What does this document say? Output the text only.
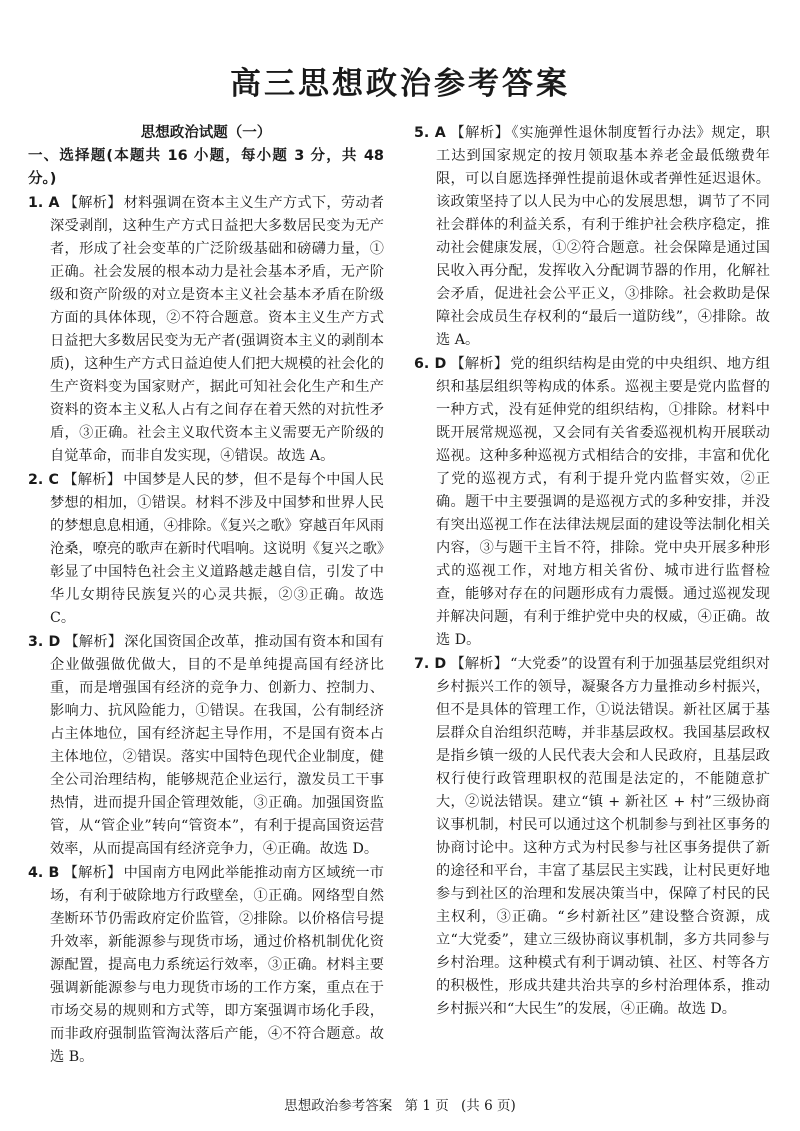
高三思想政治参考答案

思想政治试题（一）

一、选择题(本题共 16 小题，每小题 3 分，共 48 分。)

1. A 【解析】 材料强调在资本主义生产方式下，劳动者深受剥削，这种生产方式日益把大多数居民变为无产者，形成了社会变革的广泛阶级基础和磅礴力量，①正确。社会发展的根本动力是社会基本矛盾，无产阶级和资产阶级的对立是资本主义社会基本矛盾在阶级方面的具体体现，②不符合题意。资本主义生产方式日益把大多数居民变为无产者(强调资本主义的剥削本质)，这种生产方式日益迫使人们把大规模的社会化的生产资料变为国家财产，据此可知社会化生产和生产资料的资本主义私人占有之间存在着天然的对抗性矛盾，③正确。社会主义取代资本主义需要无产阶级的自觉革命，而非自发实现，④错误。故选 A。

2. C 【解析】 中国梦是人民的梦，但不是每个中国人民梦想的相加，①错误。材料不涉及中国梦和世界人民的梦想息息相通，④排除。《复兴之歌》穿越百年风雨沧桑，嘹亮的歌声在新时代唱响。这说明《复兴之歌》彰显了中国特色社会主义道路越走越自信，引发了中华儿女期待民族复兴的心灵共振，②③正确。故选 C。

3. D 【解析】 深化国资国企改革，推动国有资本和国有企业做强做优做大，目的不是单纯提高国有经济比重，而是增强国有经济的竞争力、创新力、控制力、影响力、抗风险能力，①错误。在我国，公有制经济占主体地位，国有经济起主导作用，不是国有资本占主体地位，②错误。落实中国特色现代企业制度，健全公司治理结构，能够规范企业运行，激发员工干事热情，进而提升国企管理效能，③正确。加强国资监管，从“管企业”转向“管资本”，有利于提高国资运营效率，从而提高国有经济竞争力，④正确。故选 D。

4. B 【解析】 中国南方电网此举能推动南方区域统一市场，有利于破除地方行政壁垒，①正确。网络型自然垄断环节仍需政府定价监管，②排除。以价格信号提升效率，新能源参与现货市场，通过价格机制优化资源配置，提高电力系统运行效率，③正确。材料主要强调新能源参与电力现货市场的工作方案，重点在于市场交易的规则和方式等，即方案强调市场化手段，而非政府强制监管淘汰落后产能，④不符合题意。故选 B。

5. A 【解析】 《实施弹性退休制度暂行办法》规定，职工达到国家规定的按月领取基本养老金最低缴费年限，可以自愿选择弹性提前退休或者弹性延迟退休。该政策坚持了以人民为中心的发展思想，调节了不同社会群体的利益关系，有利于维护社会秩序稳定，推动社会健康发展，①②符合题意。社会保障是通过国民收入再分配，发挥收入分配调节器的作用，化解社会矛盾，促进社会公平正义，③排除。社会救助是保障社会成员生存权利的“最后一道防线”，④排除。故选 A。

6. D 【解析】 党的组织结构是由党的中央组织、地方组织和基层组织等构成的体系。巡视主要是党内监督的一种方式，没有延伸党的组织结构，①排除。材料中既开展常规巡视，又会同有关省委巡视机构开展联动巡视。这种多种巡视方式相结合的安排，丰富和优化了党的巡视方式，有利于提升党内监督实效，②正确。题干中主要强调的是巡视方式的多种安排，并没有突出巡视工作在法律法规层面的建设等法制化相关内容，③与题干主旨不符，排除。党中央开展多种形式的巡视工作，对地方相关省份、城市进行监督检查，能够对存在的问题形成有力震慑。通过巡视发现并解决问题，有利于维护党中央的权威，④正确。故选 D。

7. D 【解析】 “大党委”的设置有利于加强基层党组织对乡村振兴工作的领导，凝聚各方力量推动乡村振兴，但不是具体的管理工作，①说法错误。新社区属于基层群众自治组织范畴，并非基层政权。我国基层政权是指乡镇一级的人民代表大会和人民政府，且基层政权行使行政管理职权的范围是法定的，不能随意扩大，②说法错误。建立“镇 + 新社区 + 村”三级协商议事机制，村民可以通过这个机制参与到社区事务的协商讨论中。这种方式为村民参与社区事务提供了新的途径和平台，丰富了基层民主实践，让村民更好地参与到社区的治理和发展决策当中，保障了村民的民主权利，③正确。“乡村新社区”建设整合资源，成立“大党委”，建立三级协商议事机制，多方共同参与乡村治理。这种模式有利于调动镇、社区、村等各方的积极性，形成共建共治共享的乡村治理体系，推动乡村振兴和“大民生”的发展，④正确。故选 D。

思想政治参考答案 第 1 页 (共 6 页)
